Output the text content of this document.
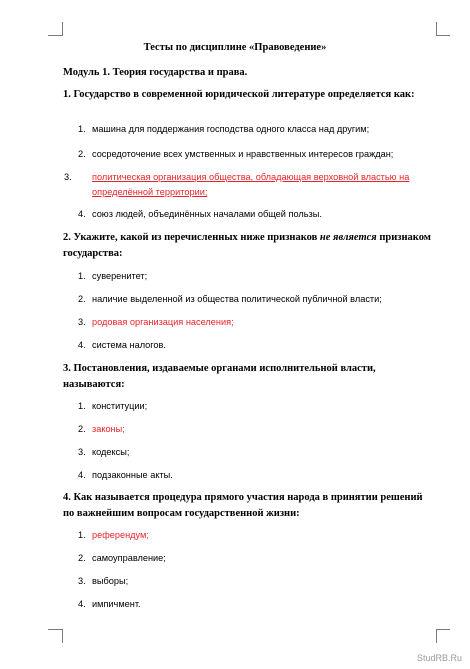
Тесты по дисциплине «Правоведение»
Модуль 1. Теория государства и права.
1. Государство в современной юридической литературе определяется как:
1. машина для поддержания господства одного класса над другим;
2. сосредоточение всех умственных и нравственных интересов граждан;
3. политическая организация общества, обладающая верховной властью на определённой территории;
4. союз людей, объединённых началами общей пользы.
2. Укажите, какой из перечисленных ниже признаков не является признаком государства:
1. суверенитет;
2. наличие выделенной из общества политической публичной власти;
3. родовая организация населения;
4. система налогов.
3. Постановления, издаваемые органами исполнительной власти, называются:
1. конституции;
2. законы;
3. кодексы;
4. подзаконные акты.
4. Как называется процедура прямого участия народа в принятии решений по важнейшим вопросам государственной жизни:
1. референдум;
2. самоуправление;
3. выборы;
4. импичмент.
StudRB.Ru
